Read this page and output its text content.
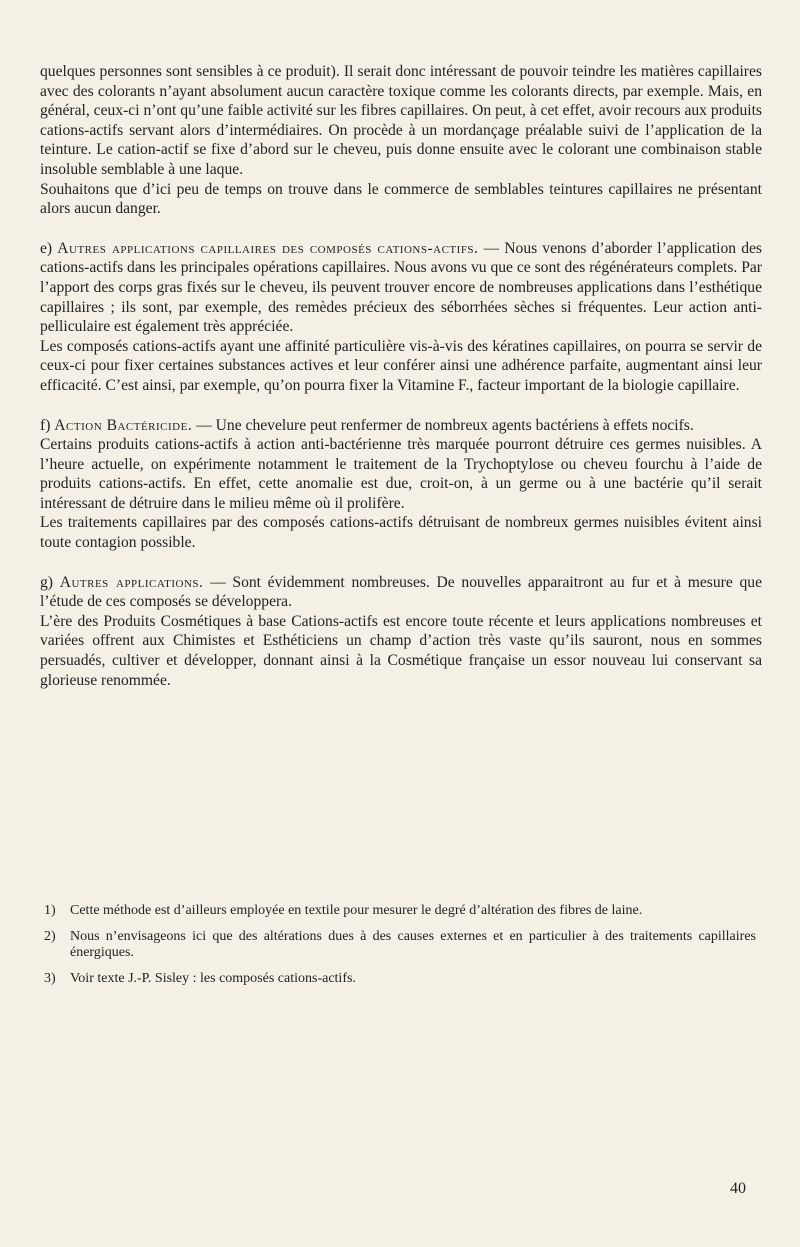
quelques personnes sont sensibles à ce produit). Il serait donc intéressant de pouvoir teindre les matières capillaires avec des colorants n’ayant absolument aucun caractère toxique comme les colorants directs, par exemple. Mais, en général, ceux-ci n’ont qu’une faible activité sur les fibres capillaires. On peut, à cet effet, avoir recours aux produits cations-actifs servant alors d’intermédiaires. On procède à un mordançage préalable suivi de l’application de la teinture. Le cation-actif se fixe d’abord sur le cheveu, puis donne ensuite avec le colorant une combinaison stable insoluble semblable à une laque.

Souhaitons que d’ici peu de temps on trouve dans le commerce de semblables teintures capillaires ne présentant alors aucun danger.

e) Autres applications capillaires des composés cations-actifs. — Nous venons d’aborder l’application des cations-actifs dans les principales opérations capillaires. Nous avons vu que ce sont des régénérateurs complets. Par l’apport des corps gras fixés sur le cheveu, ils peuvent trouver encore de nombreuses applications dans l’esthétique capillaires ; ils sont, par exemple, des remèdes précieux des séborrhées sèches si fréquentes. Leur action anti-pelliculaire est également très appréciée.

Les composés cations-actifs ayant une affinité particulière vis-à-vis des kératines capillaires, on pourra se servir de ceux-ci pour fixer certaines substances actives et leur conférer ainsi une adhérence parfaite, augmentant ainsi leur efficacité. C’est ainsi, par exemple, qu’on pourra fixer la Vitamine F., facteur important de la biologie capillaire.

f) Action Bactéricide. — Une chevelure peut renfermer de nombreux agents bactériens à effets nocifs.

Certains produits cations-actifs à action anti-bactérienne très marquée pourront détruire ces germes nuisibles. A l’heure actuelle, on expérimente notamment le traitement de la Trychoptylose ou cheveu fourchu à l’aide de produits cations-actifs. En effet, cette anomalie est due, croit-on, à un germe ou à une bactérie qu’il serait intéressant de détruire dans le milieu même où il prolifère.

Les traitements capillaires par des composés cations-actifs détruisant de nombreux germes nuisibles évitent ainsi toute contagion possible.

g) Autres applications. — Sont évidemment nombreuses. De nouvelles apparaitront au fur et à mesure que l’étude de ces composés se développera.

L’ère des Produits Cosmétiques à base Cations-actifs est encore toute récente et leurs applications nombreuses et variées offrent aux Chimistes et Esthéticiens un champ d’action très vaste qu’ils sauront, nous en sommes persuadés, cultiver et développer, donnant ainsi à la Cosmétique française un essor nouveau lui conservant sa glorieuse renommée.

1)	Cette méthode est d’ailleurs employée en textile pour mesurer le degré d’altération des fibres de laine.
2)	Nous n’envisageons ici que des altérations dues à des causes externes et en particulier à des traitements capillaires énergiques.
3)	Voir texte J.-P. Sisley : les composés cations-actifs.
40
